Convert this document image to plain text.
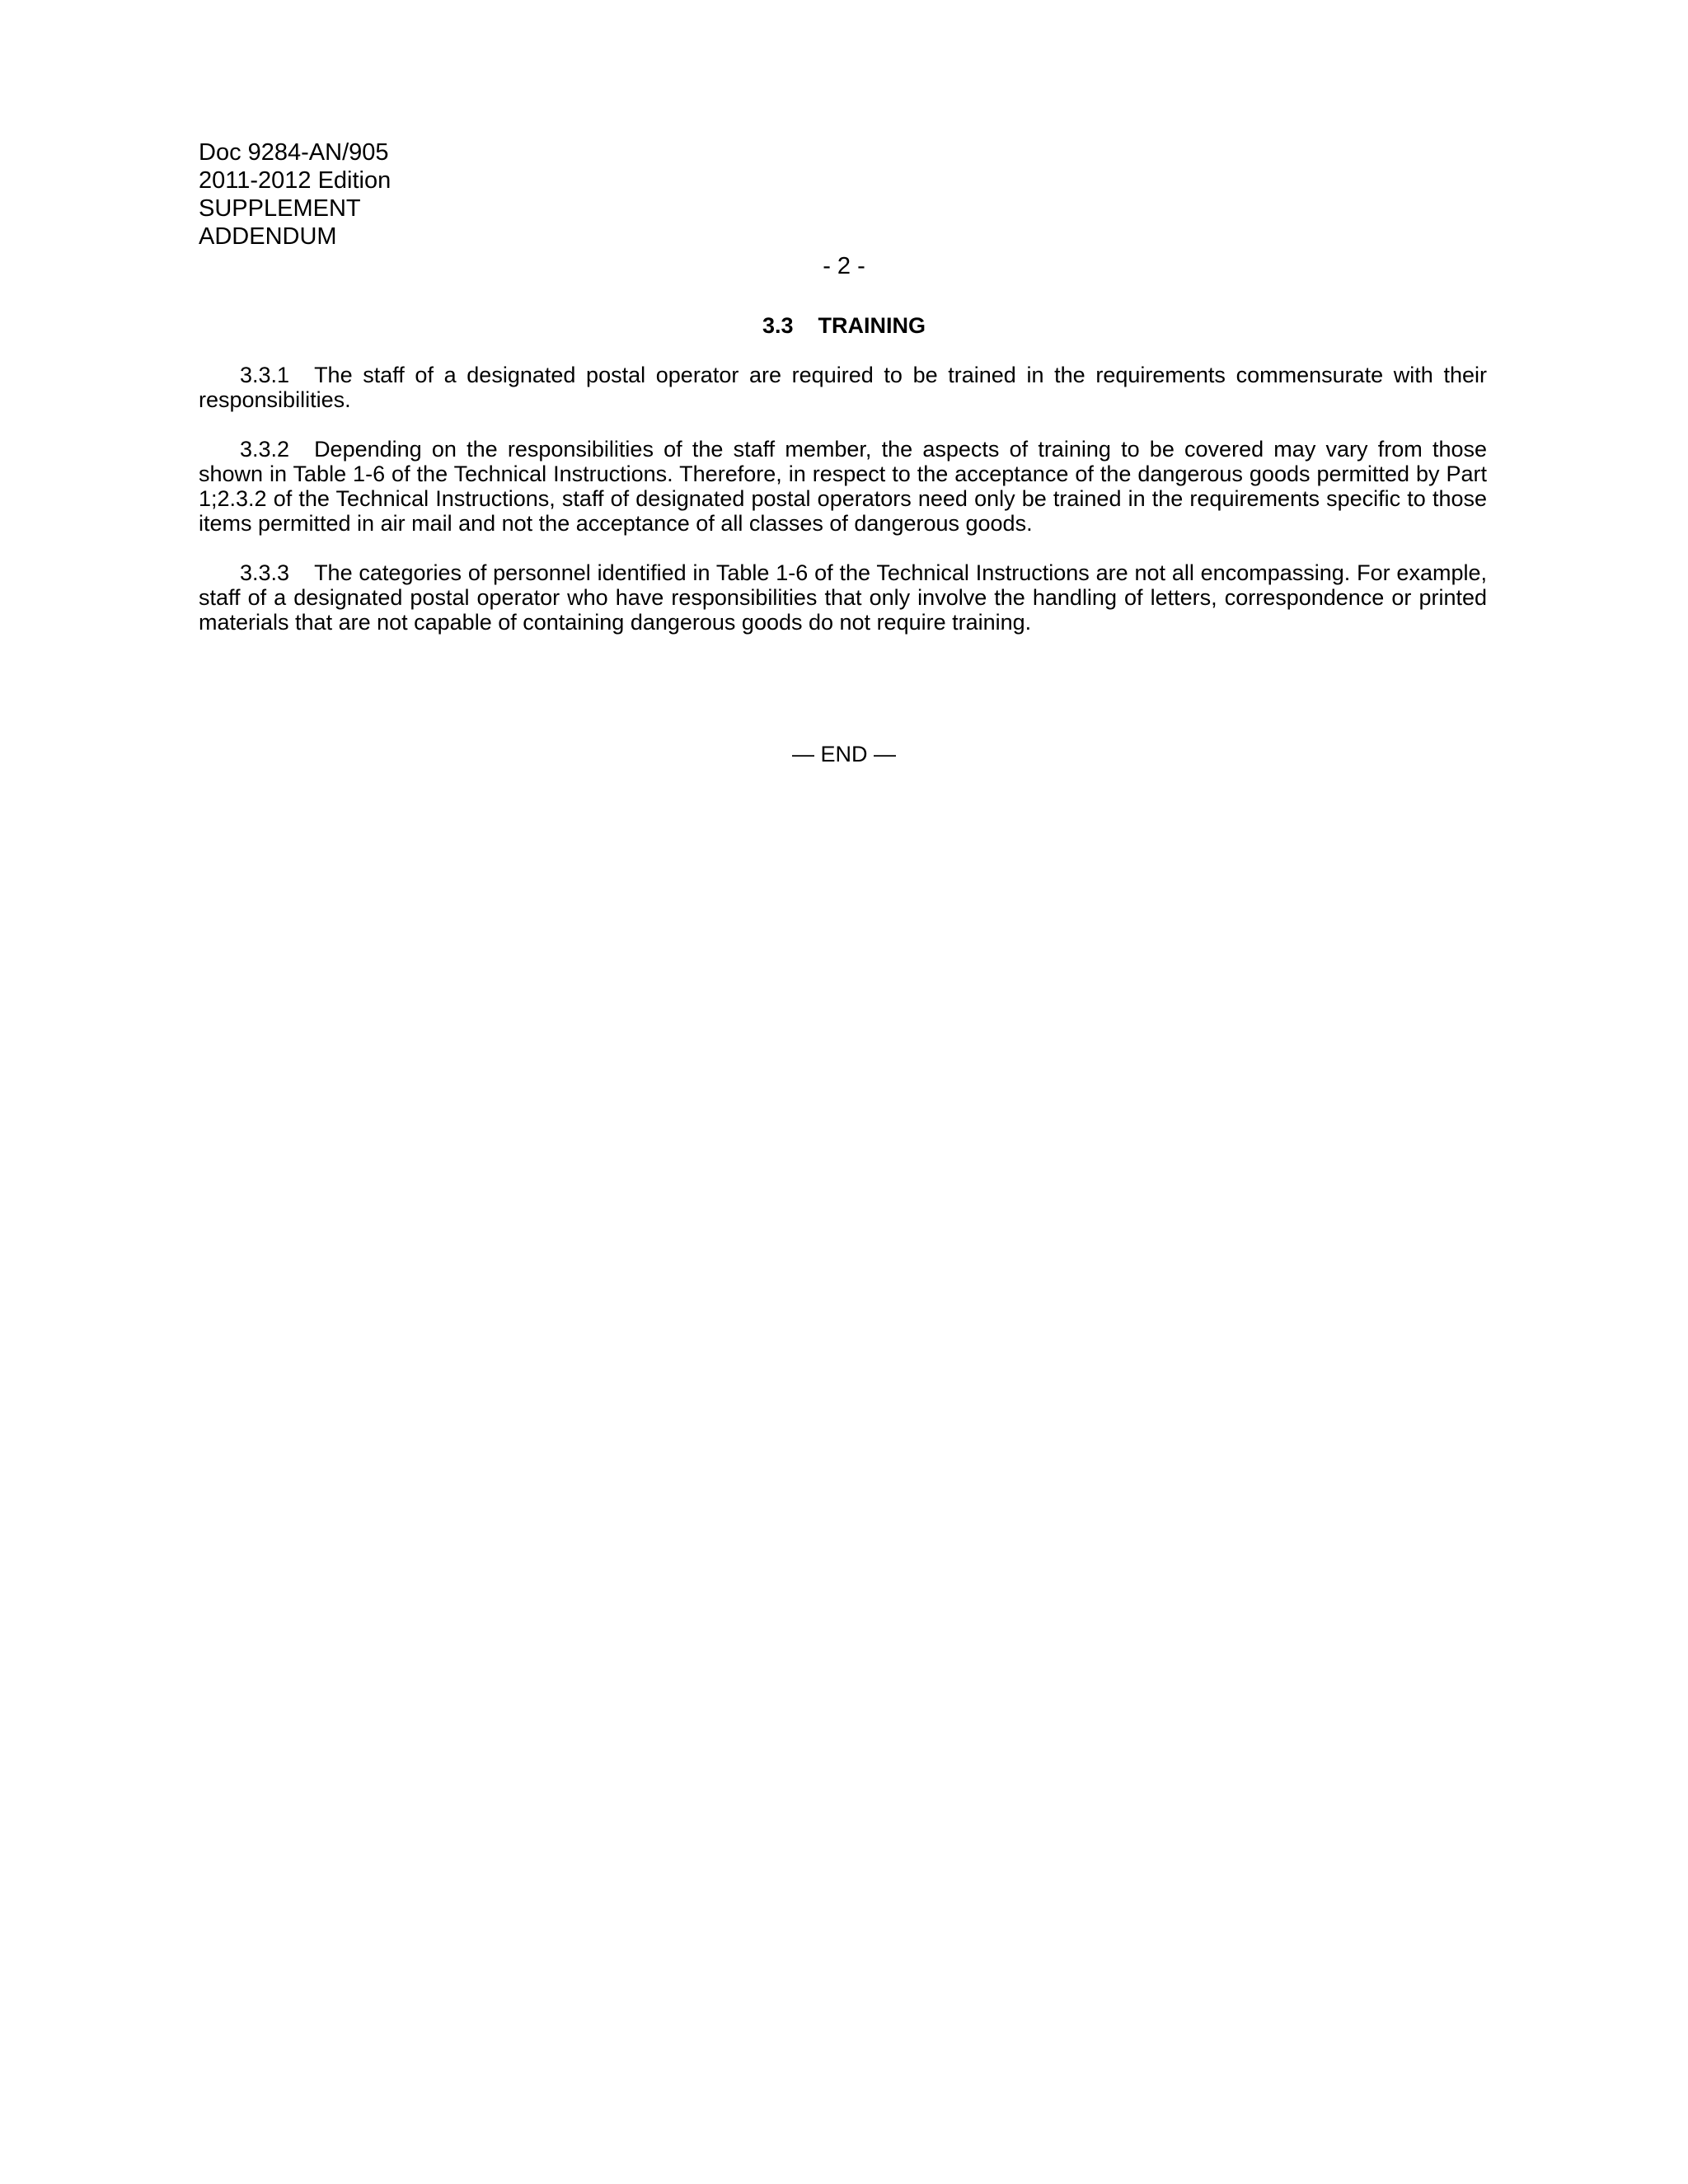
Doc 9284-AN/905
2011-2012 Edition
SUPPLEMENT
ADDENDUM
- 2 -
3.3 TRAINING

3.3.1 The staff of a designated postal operator are required to be trained in the requirements commensurate with their responsibilities.

3.3.2 Depending on the responsibilities of the staff member, the aspects of training to be covered may vary from those shown in Table 1-6 of the Technical Instructions. Therefore, in respect to the acceptance of the dangerous goods permitted by Part 1;2.3.2 of the Technical Instructions, staff of designated postal operators need only be trained in the requirements specific to those items permitted in air mail and not the acceptance of all classes of dangerous goods.

3.3.3 The categories of personnel identified in Table 1-6 of the Technical Instructions are not all encompassing. For example, staff of a designated postal operator who have responsibilities that only involve the handling of letters, correspondence or printed materials that are not capable of containing dangerous goods do not require training.

— END —
